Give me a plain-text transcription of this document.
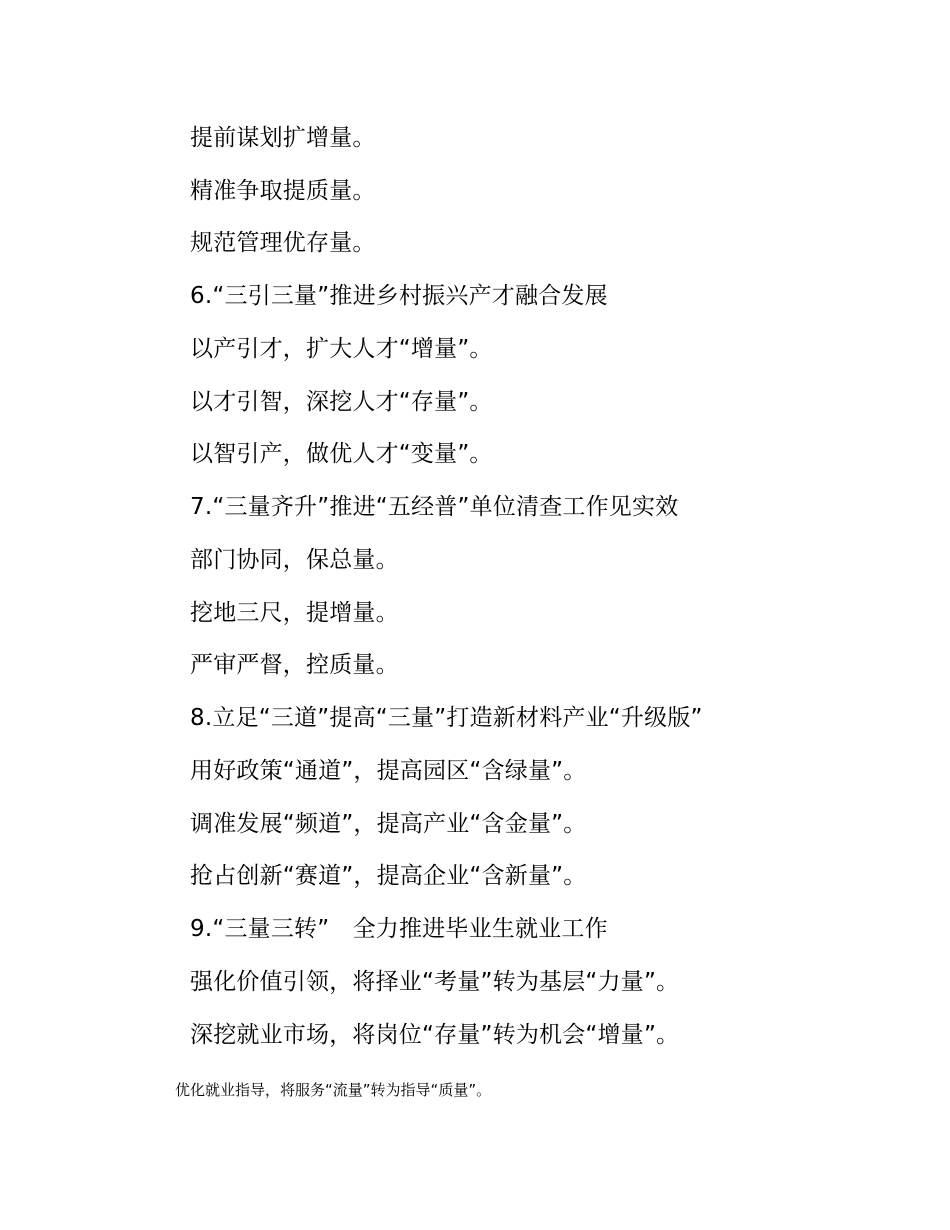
提前谋划扩增量。
精准争取提质量。
规范管理优存量。
6.“三引三量”推进乡村振兴产才融合发展
以产引才，扩大人才“增量”。
以才引智，深挖人才“存量”。
以智引产，做优人才“变量”。
7.“三量齐升”推进“五经普”单位清查工作见实效
部门协同，保总量。
挖地三尺，提增量。
严审严督，控质量。
8.立足“三道”提高“三量”打造新材料产业“升级版”
用好政策“通道”，提高园区“含绿量”。
调准发展“频道”，提高产业“含金量”。
抢占创新“赛道”，提高企业“含新量”。
9.“三量三转”　全力推进毕业生就业工作
强化价值引领，将择业“考量”转为基层“力量”。
深挖就业市场，将岗位“存量”转为机会“增量”。
优化就业指导，将服务“流量”转为指导“质量”。
